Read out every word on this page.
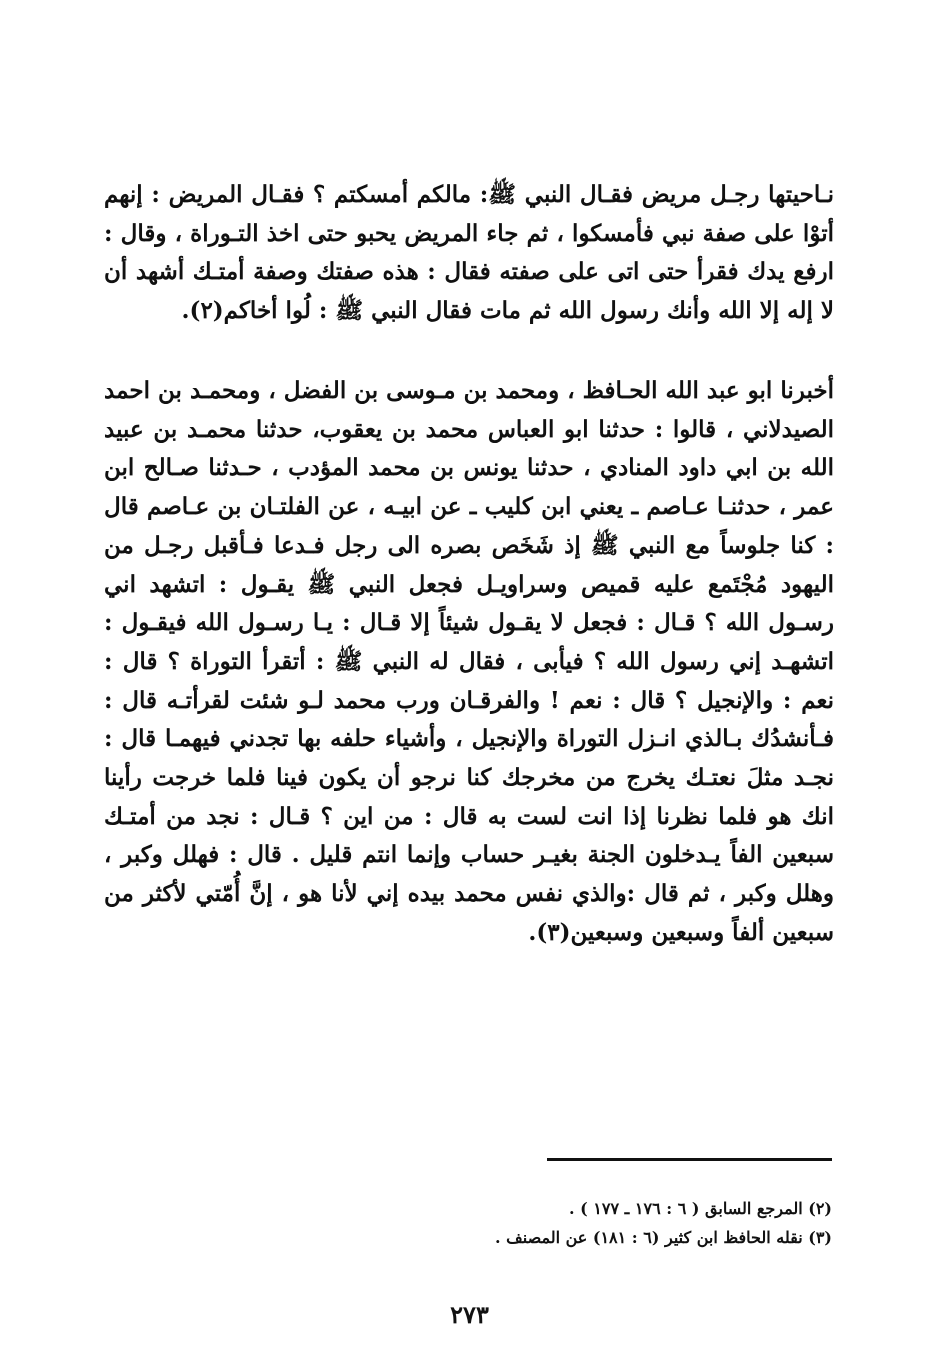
نـاحيتها رجـل مريض فقـال النبي ﷺ: مالكم أمسكتم ؟ فقـال المريض : إنهم أتوْا على صفة نبي فأمسكوا ، ثم جاء المريض يحبو حتى اخذ التـوراة ، وقال : ارفع يدك فقرأ حتى اتى على صفته فقال : هذه صفتك وصفة أمتـك أشهد أن لا إله إلا الله وأنك رسول الله ثم مات فقال النبي ﷺ : لُوا أخاكم(٢).

أخبرنا ابو عبد الله الحـافظ ، ومحمد بن مـوسى بن الفضل ، ومحمـد بن احمد الصيدلاني ، قالوا : حدثنا ابو العباس محمد بن يعقوب، حدثنا محمـد بن عبيد الله بن ابي داود المنادي ، حدثنا يونس بن محمد المؤدب ، حـدثنا صـالح ابن عمر ، حدثنـا عـاصم ـ يعني ابن كليب ـ عن ابيـه ، عن الفلتـان بن عـاصم قال : كنا جلوساً مع النبي ﷺ إذ شَخَص بصره الى رجل فـدعا فـأقبل رجـل من اليهود مُجْتَمع عليه قميص وسراويـل فجعل النبي ﷺ يقـول : اتشهد اني رسـول الله ؟ قـال : فجعل لا يقـول شيئاً إلا قـال : يـا رسـول الله فيقـول : اتشهـد إني رسول الله ؟ فيأبى ، فقال له النبي ﷺ : أتقرأ التوراة ؟ قال : نعم : والإنجيل ؟ قال : نعم ! والفرقـان ورب محمد لـو شئت لقرأتـه قال : فـأنشدُك بـالذي انـزل التوراة والإنجيل ، وأشياء حلفه بها تجدني فيهمـا قال : نجـد مثلَ نعتـك يخرج من مخرجك كنا نرجو أن يكون فينا فلما خرجت رأينا انك هو فلما نظرنا إذا انت لست به قال : من اين ؟ قـال : نجد من أمتـك سبعين الفاً يـدخلون الجنة بغيـر حساب وإنما انتم قليل . قال : فهلل وكبر ، وهلل وكبر ، ثم قال :والذي نفس محمد بيده إني لأنا هو ، إنَّ أُمّتي لأكثر من سبعين ألفاً وسبعين وسبعين(٣).

(٢) المرجع السابق ( ٦ : ١٧٦ ـ ١٧٧ ) .
(٣) نقله الحافظ ابن كثير (٦ : ١٨١) عن المصنف .
٢٧٣
